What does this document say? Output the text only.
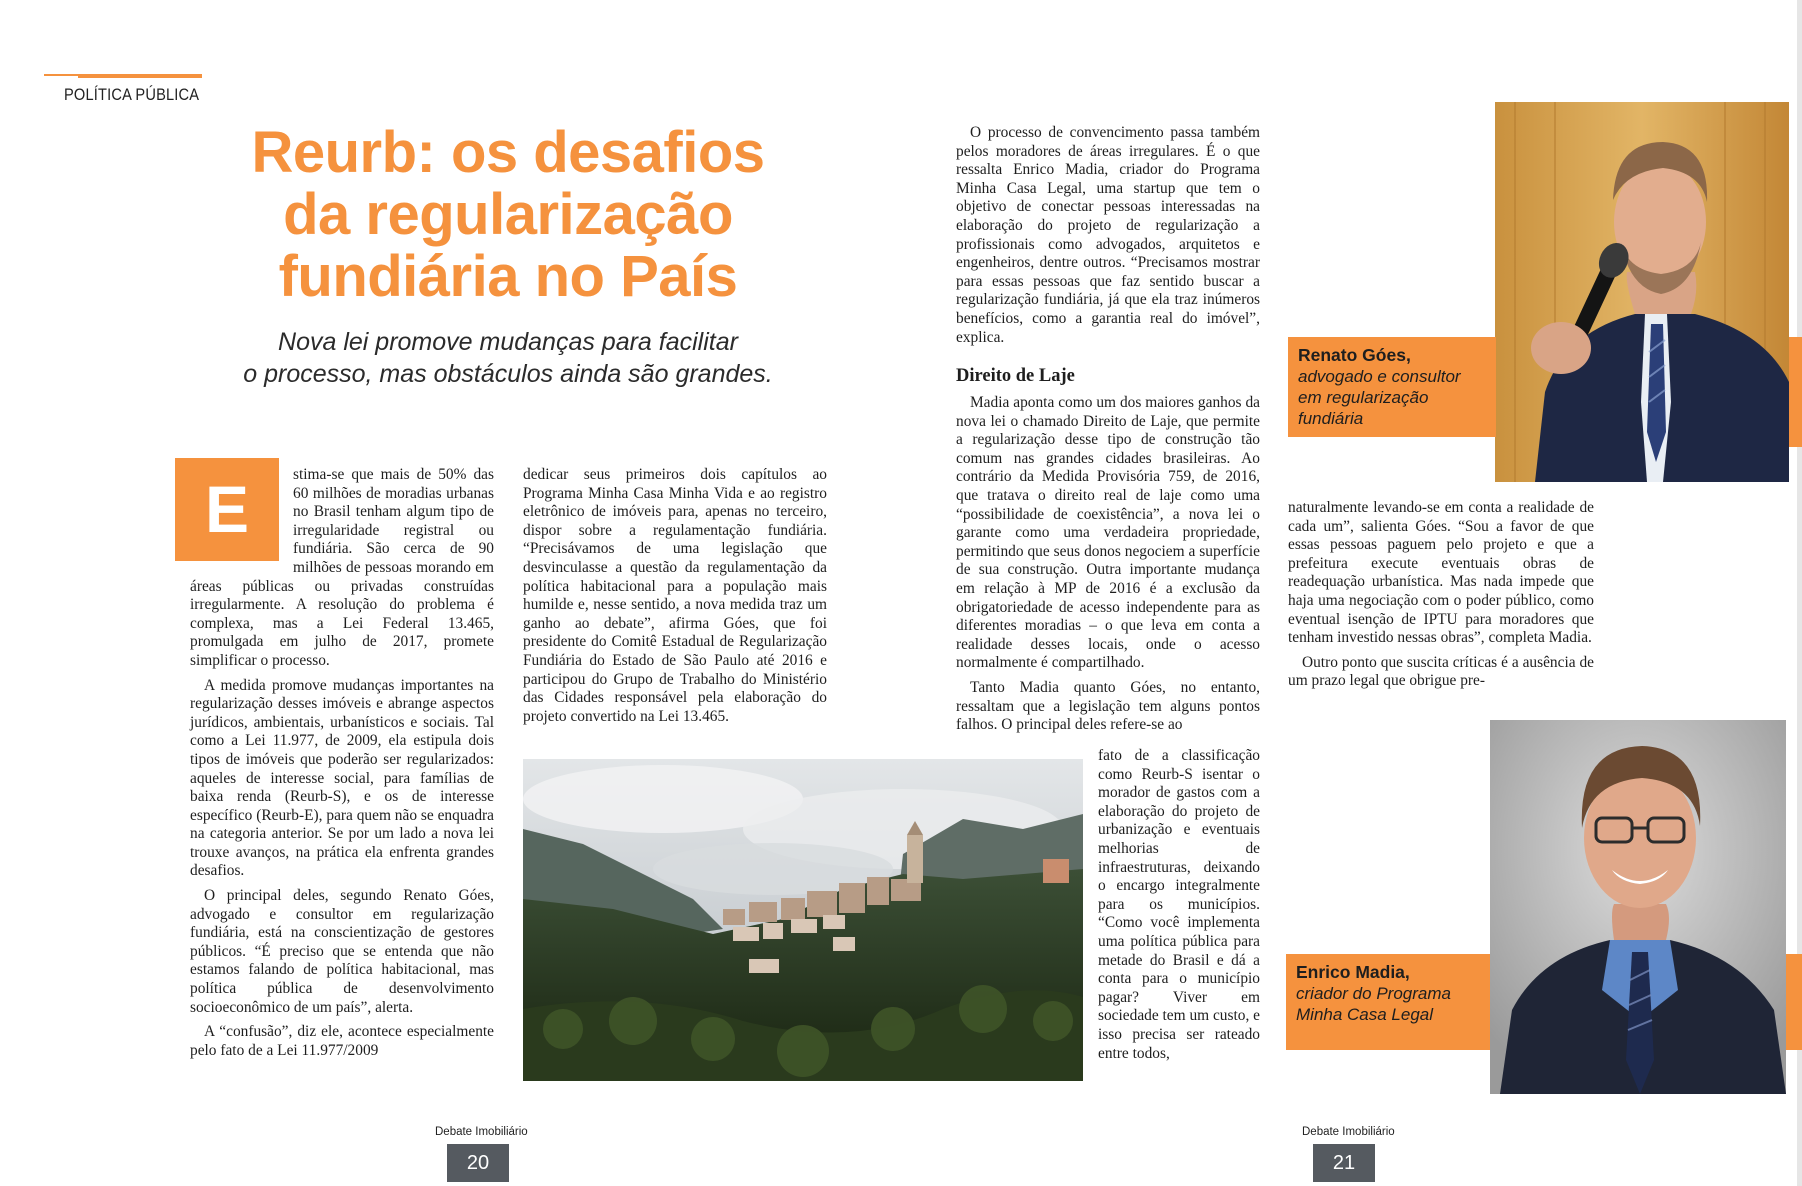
POLÍTICA PÚBLICA
Reurb: os desafios
da regularização
fundiária no País
Nova lei promove mudanças para facilitar
o processo, mas obstáculos ainda são grandes.

E	stima-se que mais de 50% das 60 milhões de moradias urbanas no Brasil tenham algum tipo de irregularidade registral ou fundiária. São cerca de 90 milhões de pessoas morando em áreas públicas ou privadas construídas irregularmente. A resolução do problema é complexa, mas a Lei Federal 13.465, promulgada em julho de 2017, promete simplificar o processo.

A medida promove mudanças importantes na regularização desses imóveis e abrange aspectos jurídicos, ambientais, urbanísticos e sociais. Tal como a Lei 11.977, de 2009, ela estipula dois tipos de imóveis que poderão ser regularizados: aqueles de interesse social, para famílias de baixa renda (Reurb-S), e os de interesse específico (Reurb-E), para quem não se enquadra na categoria anterior. Se por um lado a nova lei trouxe avanços, na prática ela enfrenta grandes desafios.

O principal deles, segundo Renato Góes, advogado e consultor em regularização fundiária, está na conscientização de gestores públicos. “É preciso que se entenda que não estamos falando de política habitacional, mas política pública de desenvolvimento socioeconômico de um país”, alerta.

A “confusão”, diz ele, acontece especialmente pelo fato de a Lei 11.977/2009

dedicar seus primeiros dois capítulos ao Programa Minha Casa Minha Vida e ao registro eletrônico de imóveis para, apenas no terceiro, dispor sobre a regulamentação fundiária. “Precisávamos de uma legislação que desvinculasse a questão da regulamentação da política habitacional para a população mais humilde e, nesse sentido, a nova medida traz um ganho ao debate”, afirma Góes, que foi presidente do Comitê Estadual de Regularização Fundiária do Estado de São Paulo até 2016 e participou do Grupo de Trabalho do Ministério das Cidades responsável pela elaboração do projeto convertido na Lei 13.465.

O processo de convencimento passa também pelos moradores de áreas irregulares. É o que ressalta Enrico Madia, criador do Programa Minha Casa Legal, uma startup que tem o objetivo de conectar pessoas interessadas na elaboração do projeto de regularização a profissionais como advogados, arquitetos e engenheiros, dentre outros. “Precisamos mostrar para essas pessoas que faz sentido buscar a regularização fundiária, já que ela traz inúmeros benefícios, como a garantia real do imóvel”, explica.

Direito de Laje

Madia aponta como um dos maiores ganhos da nova lei o chamado Direito de Laje, que permite a regularização desse tipo de construção tão comum nas grandes cidades brasileiras. Ao contrário da Medida Provisória 759, de 2016, que tratava o direito real de laje como uma “possibilidade de coexistência”, a nova lei o garante como uma verdadeira propriedade, permitindo que seus donos negociem a superfície de sua construção. Outra importante mudança em relação à MP de 2016 é a exclusão da obrigatoriedade de acesso independente para as diferentes moradias – o que leva em conta a realidade desses locais, onde o acesso normalmente é compartilhado.

Tanto Madia quanto Góes, no entanto, ressaltam que a legislação tem alguns pontos falhos. O principal deles refere-se ao

fato de a classificação como Reurb-S isentar o morador de gastos com a elaboração do projeto de urbanização e eventuais melhorias de infraestruturas, deixando o encargo integralmente para os municípios. “Como você implementa uma política pública para metade do Brasil e dá a conta para o município pagar? Viver em sociedade tem um custo, e isso precisa ser rateado entre todos,

naturalmente levando-se em conta a realidade de cada um”, salienta Góes. “Sou a favor de que essas pessoas paguem pelo projeto e que a prefeitura execute eventuais obras de readequação urbanística. Mas nada impede que haja uma negociação com o poder público, como eventual isenção de IPTU para moradores que tenham investido nessas obras”, completa Madia.

Outro ponto que suscita críticas é a ausência de um prazo legal que obrigue pre-

Renato Góes,
advogado e consultor em regularização fundiária
Enrico Madia,
criador do Programa Minha Casa Legal
Debate Imobiliário
20
Debate Imobiliário
21
